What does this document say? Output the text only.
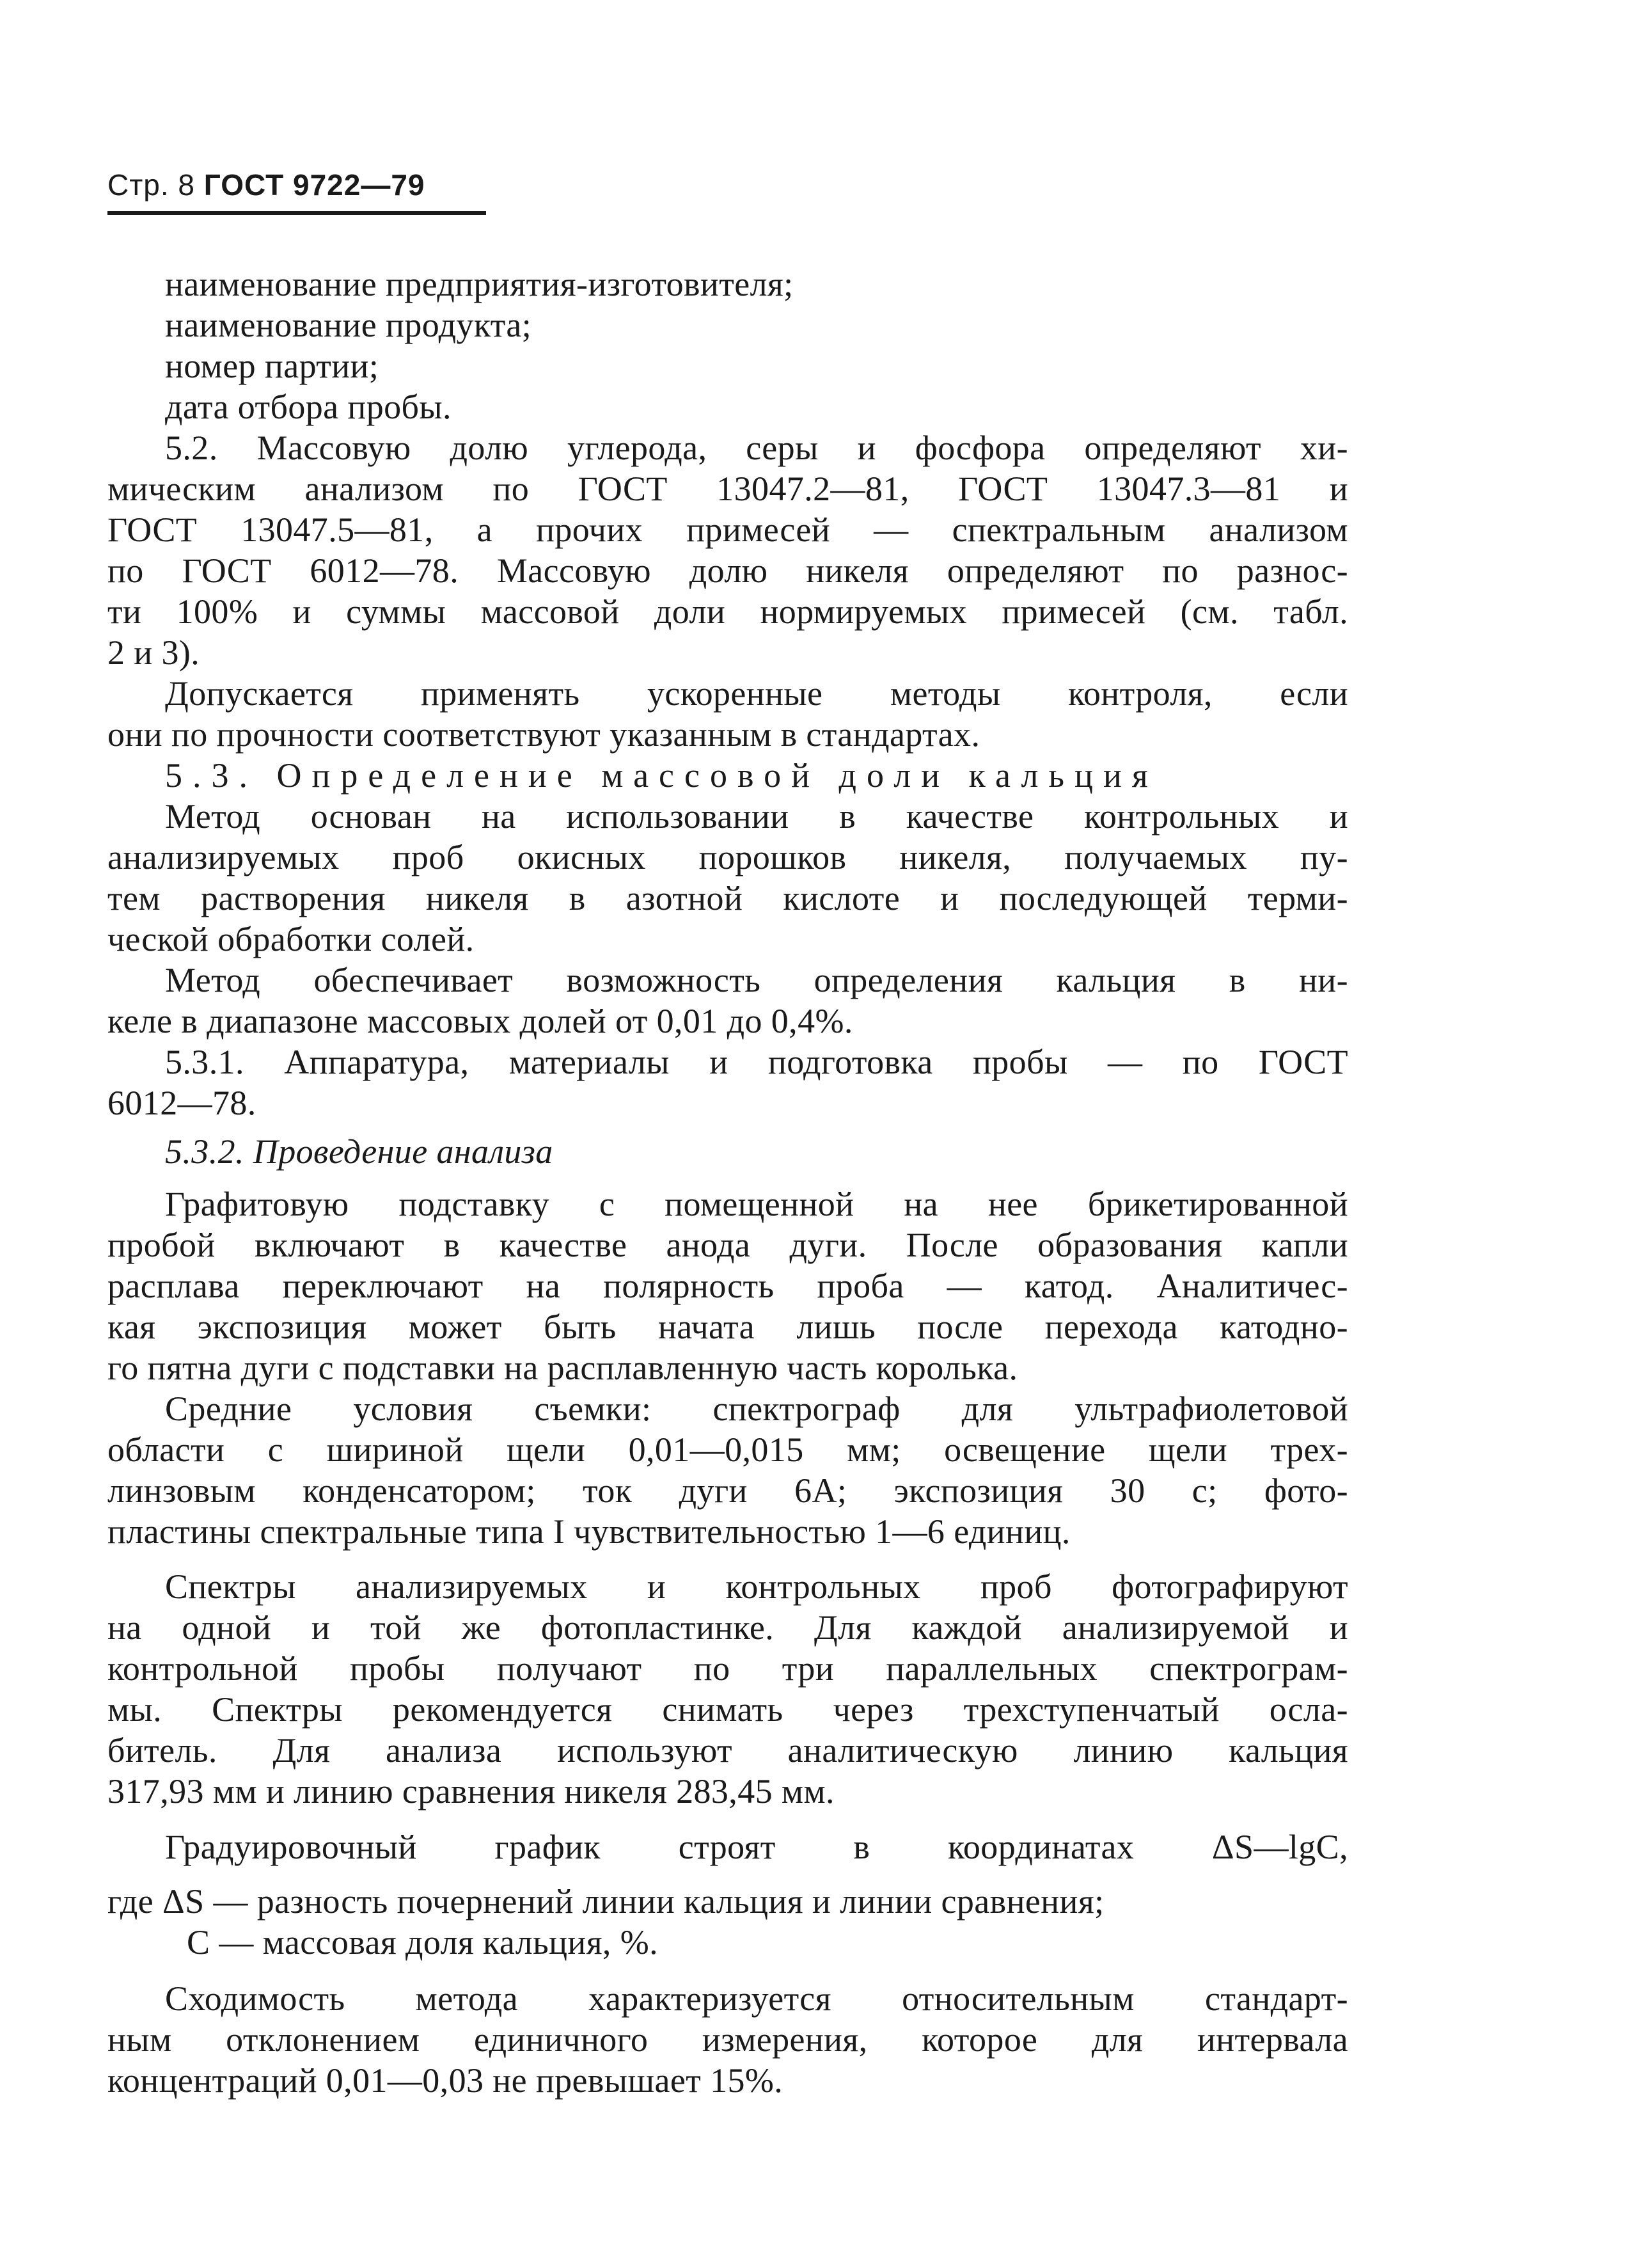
Стр. 8 ГОСТ 9722—79
наименование предприятия-изготовителя;
наименование продукта;
номер партии;
дата отбора пробы.
5.2. Массовую долю углерода, серы и фосфора определяют хи-
мическим анализом по ГОСТ 13047.2—81, ГОСТ 13047.3—81 и
ГОСТ 13047.5—81, а прочих примесей — спектральным анализом
по ГОСТ 6012—78. Массовую долю никеля определяют по разнос-
ти 100% и суммы массовой доли нормируемых примесей (см. табл.
2 и 3).
Допускается применять ускоренные методы контроля, если
они по прочности соответствуют указанным в стандартах.
5.3. Определение массовой доли кальция
Метод основан на использовании в качестве контрольных и
анализируемых проб окисных порошков никеля, получаемых пу-
тем растворения никеля в азотной кислоте и последующей терми-
ческой обработки солей.
Метод обеспечивает возможность определения кальция в ни-
келе в диапазоне массовых долей от 0,01 до 0,4%.
5.3.1. Аппаратура, материалы и подготовка пробы — по ГОСТ
6012—78.
5.3.2. Проведение анализа
Графитовую подставку с помещенной на нее брикетированной
пробой включают в качестве анода дуги. После образования капли
расплава переключают на полярность проба — катод. Аналитичес-
кая экспозиция может быть начата лишь после перехода катодно-
го пятна дуги с подставки на расплавленную часть королька.
Средние условия съемки: спектрограф для ультрафиолетовой
области с шириной щели 0,01—0,015 мм; освещение щели трех-
линзовым конденсатором; ток дуги 6А; экспозиция 30 с; фото-
пластины спектральные типа I чувствительностью 1—6 единиц.
Спектры анализируемых и контрольных проб фотографируют
на одной и той же фотопластинке. Для каждой анализируемой и
контрольной пробы получают по три параллельных спектрограм-
мы. Спектры рекомендуется снимать через трехступенчатый осла-
битель. Для анализа используют аналитическую линию кальция
317,93 мм и линию сравнения никеля 283,45 мм.
Градуировочный график строят в координатах ΔS—lgC,
где ΔS — разность почернений линии кальция и линии сравнения;
C — массовая доля кальция, %.
Сходимость метода характеризуется относительным стандарт-
ным отклонением единичного измерения, которое для интервала
концентраций 0,01—0,03 не превышает 15%.
